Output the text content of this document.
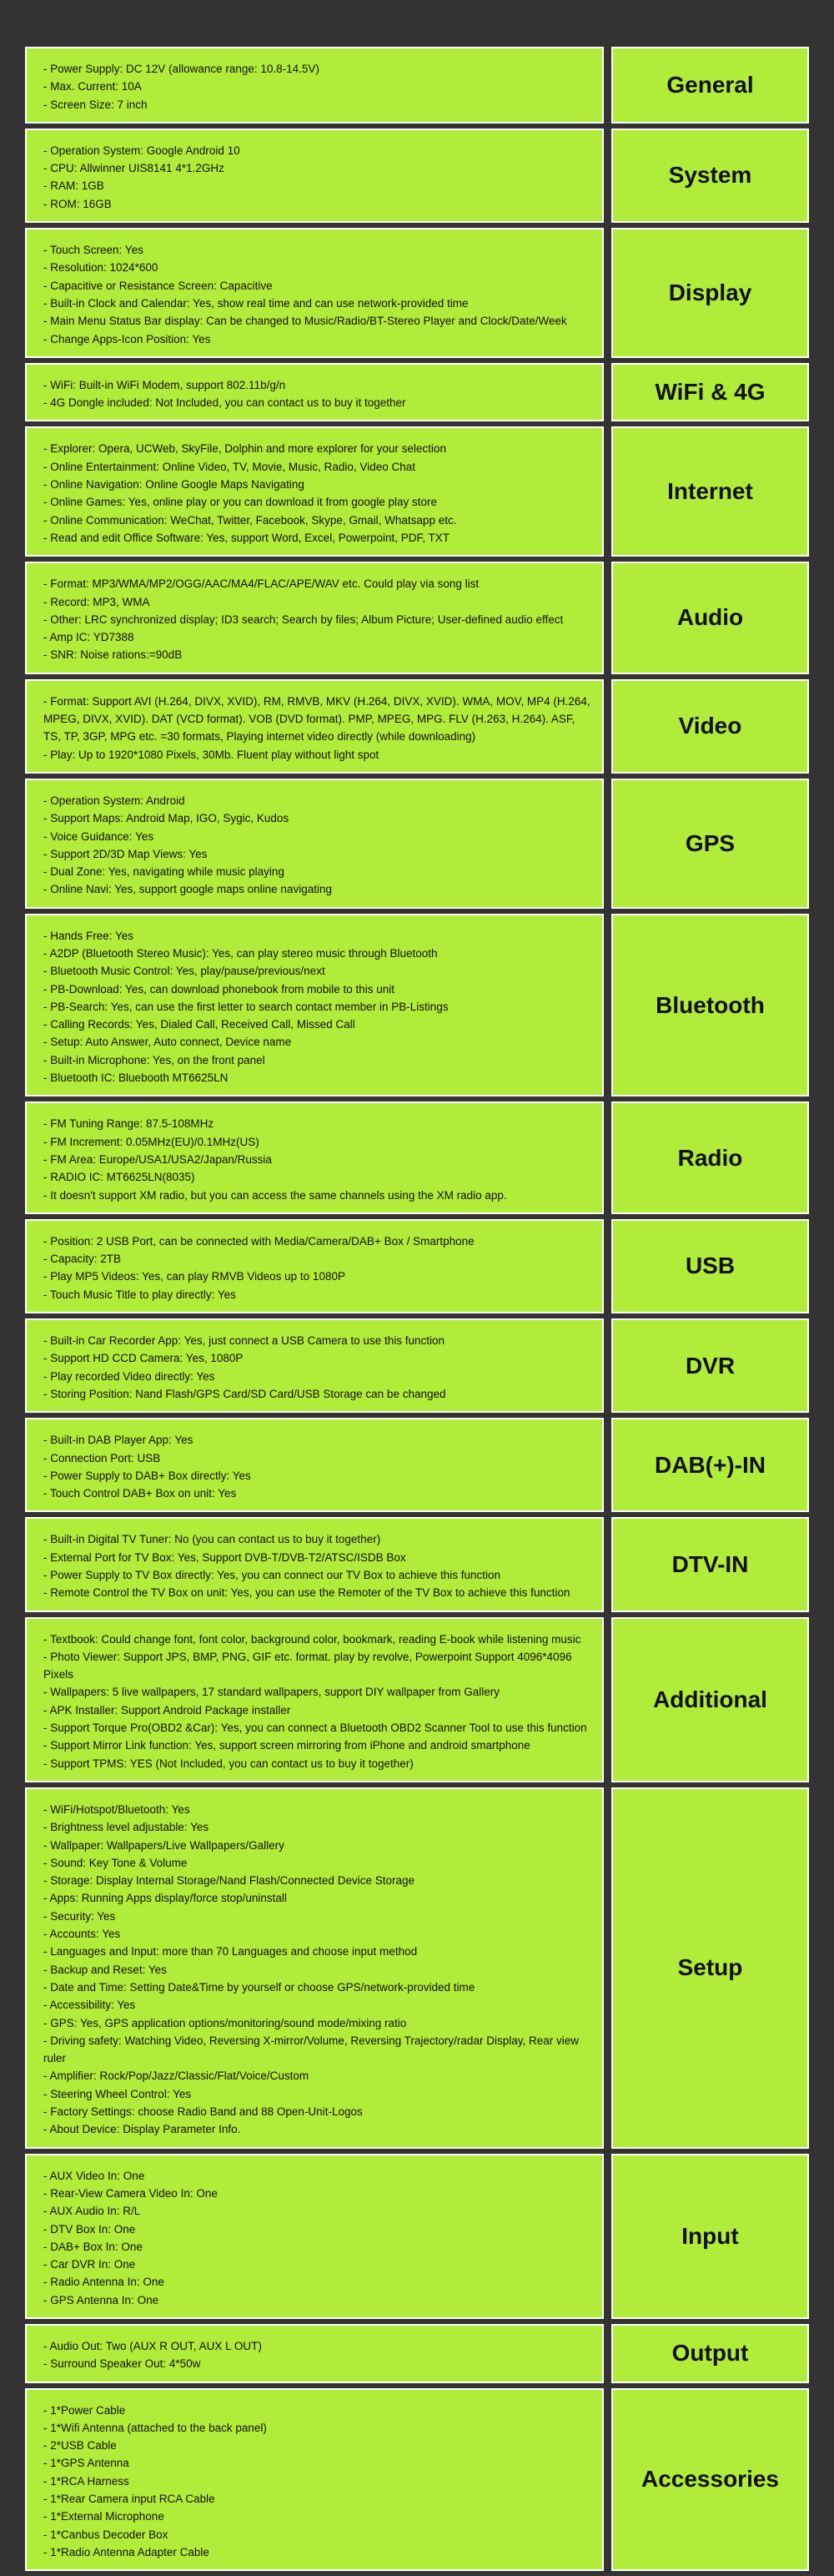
- Power Supply: DC 12V (allowance range: 10.8-14.5V)
- Max. Current: 10A
- Screen Size: 7 inch
General
- Operation System: Google Android 10
- CPU: Allwinner UIS8141 4*1.2GHz
- RAM: 1GB
- ROM: 16GB
System
- Touch Screen: Yes
- Resolution: 1024*600
- Capacitive or Resistance Screen: Capacitive
- Built-in Clock and Calendar: Yes, show real time and can use network-provided time
- Main Menu Status Bar display: Can be changed to Music/Radio/BT-Stereo Player and Clock/Date/Week
- Change Apps-Icon Position: Yes
Display
- WiFi: Built-in WiFi Modem, support 802.11b/g/n
- 4G Dongle included: Not Included, you can contact us to buy it together	WiFi & 4G
- Explorer: Opera, UCWeb, SkyFile, Dolphin and more explorer for your selection
- Online Entertainment: Online Video, TV, Movie, Music, Radio, Video Chat
- Online Navigation: Online Google Maps Navigating
- Online Games: Yes, online play or you can download it from google play store
- Online Communication: WeChat, Twitter, Facebook, Skype, Gmail, Whatsapp etc.
- Read and edit Office Software: Yes, support Word, Excel, Powerpoint, PDF, TXT
Internet
- Format: MP3/WMA/MP2/OGG/AAC/MA4/FLAC/APE/WAV etc. Could play via song list
- Record: MP3, WMA
- Other: LRC synchronized display; ID3 search; Search by files; Album Picture; User-defined audio effect
- Amp IC: YD7388
- SNR: Noise rations:=90dB
Audio
- Format: Support AVI (H.264, DIVX, XVID), RM, RMVB, MKV (H.264, DIVX, XVID). WMA, MOV, MP4 (H.264, MPEG, DIVX, XVID). DAT (VCD format). VOB (DVD format). PMP, MPEG, MPG. FLV (H.263, H.264). ASF, TS, TP, 3GP, MPG etc. =30 formats, Playing internet video directly (while downloading)
- Play: Up to 1920*1080 Pixels, 30Mb. Fluent play without light spot
Video
- Operation System: Android
- Support Maps: Android Map, IGO, Sygic, Kudos
- Voice Guidance: Yes
- Support 2D/3D Map Views: Yes
- Dual Zone: Yes, navigating while music playing
- Online Navi: Yes, support google maps online navigating
GPS
- Hands Free: Yes
- A2DP (Bluetooth Stereo Music): Yes, can play stereo music through Bluetooth
- Bluetooth Music Control: Yes, play/pause/previous/next
- PB-Download: Yes, can download phonebook from mobile to this unit
- PB-Search: Yes, can use the first letter to search contact member in PB-Listings
- Calling Records: Yes, Dialed Call, Received Call, Missed Call
- Setup: Auto Answer, Auto connect, Device name
- Built-in Microphone: Yes, on the front panel
- Bluetooth IC: Bluebooth MT6625LN
Bluetooth
- FM Tuning Range: 87.5-108MHz
- FM Increment: 0.05MHz(EU)/0.1MHz(US)
- FM Area: Europe/USA1/USA2/Japan/Russia
- RADIO IC: MT6625LN(8035)
- It doesn't support XM radio, but you can access the same channels using the XM radio app.
Radio
- Position: 2 USB Port, can be connected with Media/Camera/DAB+ Box / Smartphone
- Capacity: 2TB
- Play MP5 Videos: Yes, can play RMVB Videos up to 1080P
- Touch Music Title to play directly: Yes
USB
- Built-in Car Recorder App: Yes, just connect a USB Camera to use this function
- Support HD CCD Camera: Yes, 1080P
- Play recorded Video directly: Yes
- Storing Position: Nand Flash/GPS Card/SD Card/USB Storage can be changed
DVR
- Built-in DAB Player App: Yes
- Connection Port: USB
- Power Supply to DAB+ Box directly: Yes
- Touch Control DAB+ Box on unit: Yes
DAB(+)-IN
- Built-in Digital TV Tuner: No (you can contact us to buy it together)
- External Port for TV Box: Yes, Support DVB-T/DVB-T2/ATSC/ISDB Box
- Power Supply to TV Box directly: Yes, you can connect our TV Box to achieve this function
- Remote Control the TV Box on unit: Yes, you can use the Remoter of the TV Box to achieve this function
DTV-IN
- Textbook: Could change font, font color, background color, bookmark, reading E-book while listening music
- Photo Viewer: Support JPS, BMP, PNG, GIF etc. format. play by revolve, Powerpoint Support 4096*4096 Pixels
- Wallpapers: 5 live wallpapers, 17 standard wallpapers, support DIY wallpaper from Gallery
- APK Installer: Support Android Package installer
- Support Torque Pro(OBD2 &Car): Yes, you can connect a Bluetooth OBD2 Scanner Tool to use this function
- Support Mirror Link function: Yes, support screen mirroring from iPhone and android smartphone
- Support TPMS: YES (Not Included, you can contact us to buy it together)
Additional
- WiFi/Hotspot/Bluetooth: Yes
- Brightness level adjustable: Yes
- Wallpaper: Wallpapers/Live Wallpapers/Gallery
- Sound: Key Tone & Volume
- Storage: Display Internal Storage/Nand Flash/Connected Device Storage
- Apps: Running Apps display/force stop/uninstall
- Security: Yes
- Accounts: Yes
- Languages and Input: more than 70 Languages and choose input method
- Backup and Reset: Yes
- Date and Time: Setting Date&Time by yourself or choose GPS/network-provided time
- Accessibility: Yes
- GPS: Yes, GPS application options/monitoring/sound mode/mixing ratio
- Driving safety: Watching Video, Reversing X-mirror/Volume, Reversing Trajectory/radar Display, Rear view ruler
- Amplifier: Rock/Pop/Jazz/Classic/Flat/Voice/Custom
- Steering Wheel Control: Yes
- Factory Settings: choose Radio Band and 88 Open-Unit-Logos
- About Device: Display Parameter Info.
Setup
- AUX Video In: One
- Rear-View Camera Video In: One
- AUX Audio In: R/L
- DTV Box In: One
- DAB+ Box In: One
- Car DVR In: One
- Radio Antenna In: One
- GPS Antenna In: One
Input
- Audio Out: Two (AUX R OUT, AUX L OUT)
- Surround Speaker Out: 4*50w	Output
- 1*Power Cable
- 1*Wifi Antenna (attached to the back panel)
- 2*USB Cable
- 1*GPS Antenna
- 1*RCA Harness
- 1*Rear Camera input RCA Cable
- 1*External Microphone
- 1*Canbus Decoder Box
- 1*Radio Antenna Adapter Cable
Accessories
